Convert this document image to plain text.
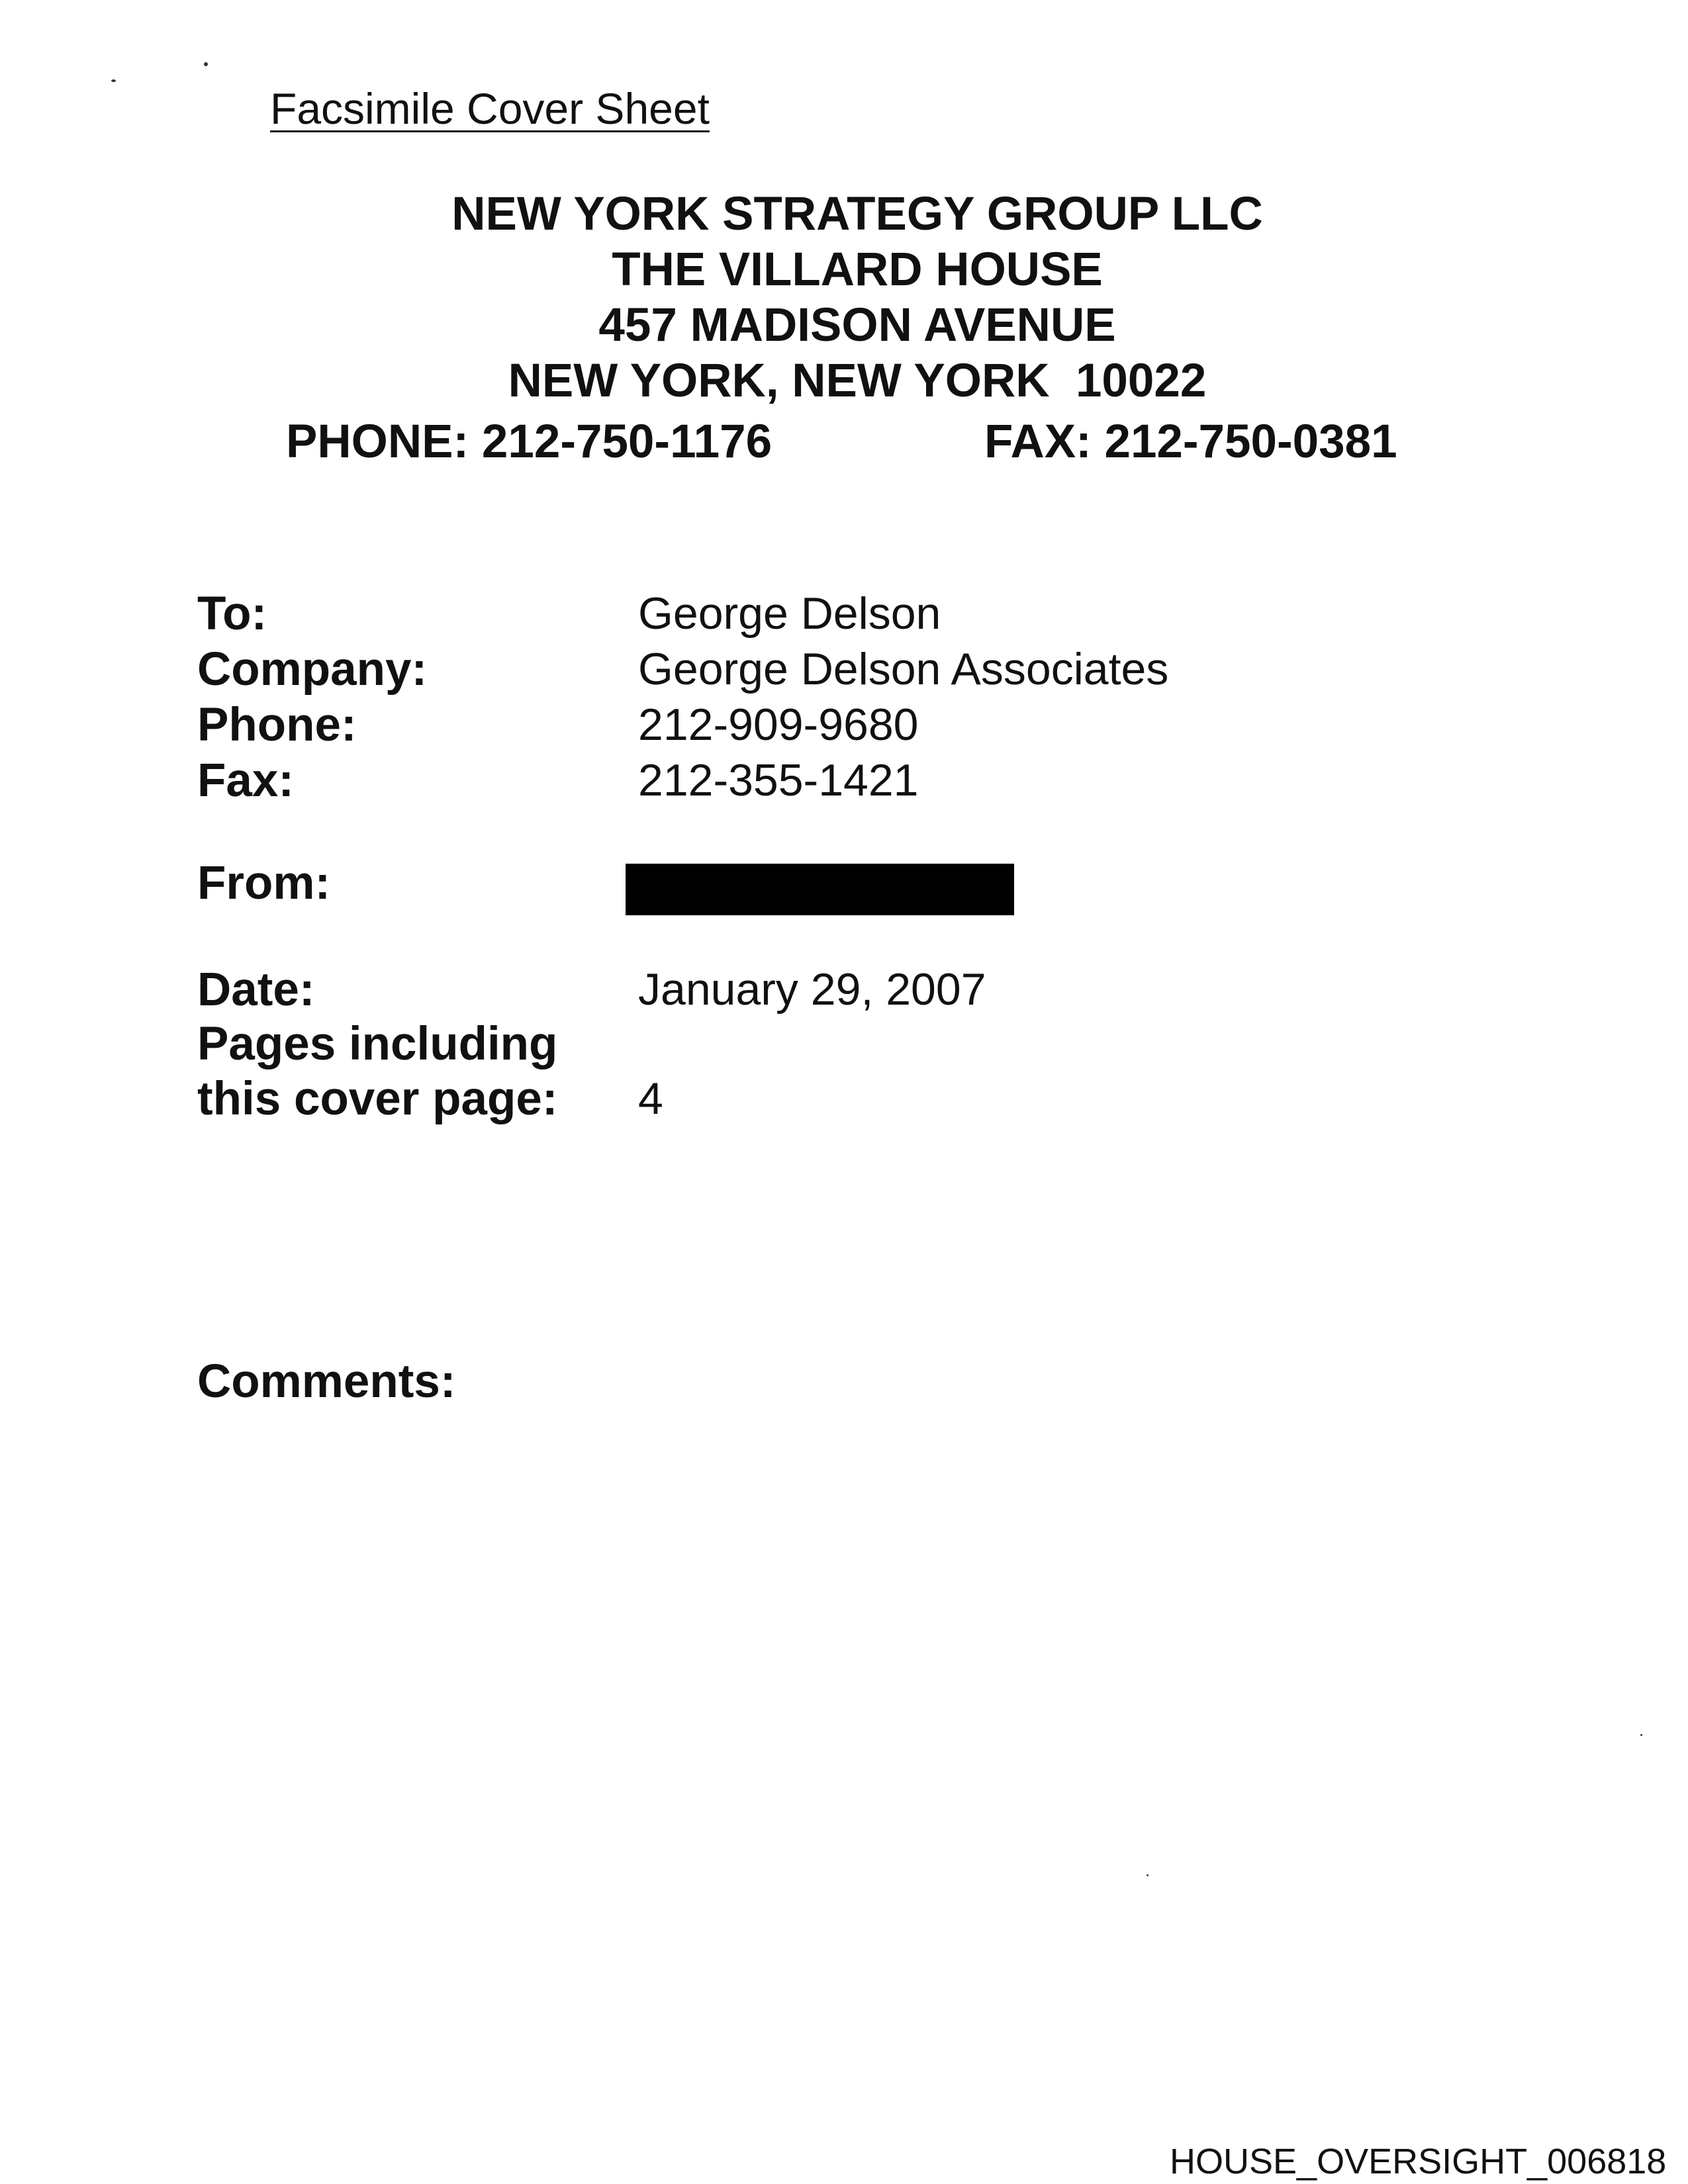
Facsimile Cover Sheet
NEW YORK STRATEGY GROUP LLC
THE VILLARD HOUSE
457 MADISON AVENUE
NEW YORK, NEW YORK  10022
PHONE: 212-750-1176	FAX: 212-750-0381
To:	George Delson
Company:	George Delson Associates
Phone:	212-909-9680
Fax:	212-355-1421
From:
Date:	January 29, 2007
Pages including
this cover page: 4
Comments:
HOUSE_OVERSIGHT_006818
